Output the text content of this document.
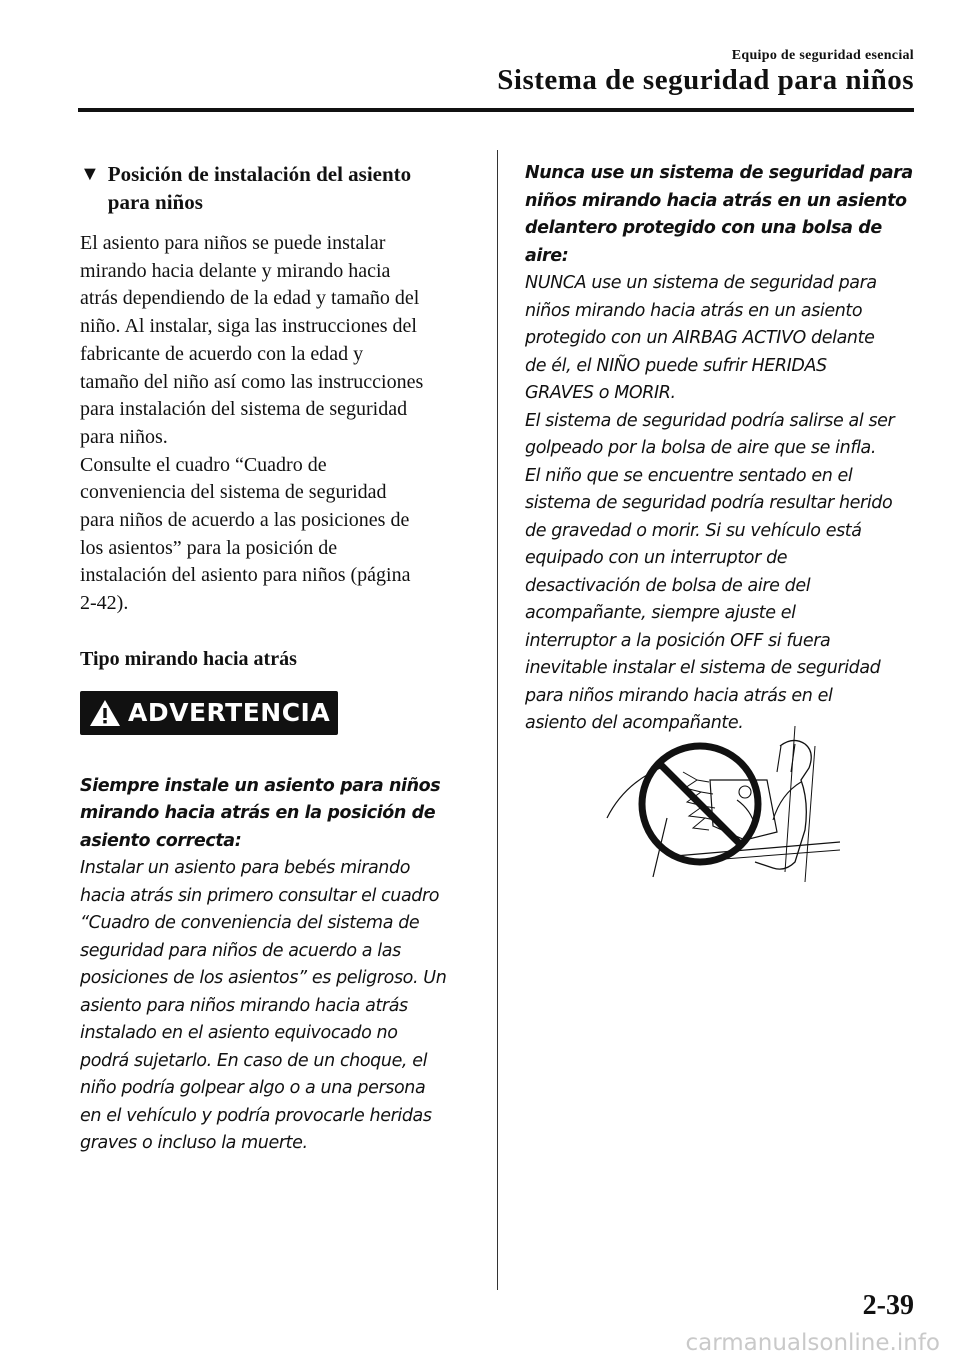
Equipo de seguridad esencial
Sistema de seguridad para niños
▼ Posición de instalación del asiento
para niños
El asiento para niños se puede instalar
mirando hacia delante y mirando hacia
atrás dependiendo de la edad y tamaño del
niño. Al instalar, siga las instrucciones del
fabricante de acuerdo con la edad y
tamaño del niño así como las instrucciones
para instalación del sistema de seguridad
para niños.
Consulte el cuadro “Cuadro de
conveniencia del sistema de seguridad
para niños de acuerdo a las posiciones de
los asientos” para la posición de
instalación del asiento para niños (página
2-42).
Tipo mirando hacia atrás
ADVERTENCIA
Siempre instale un asiento para niños
mirando hacia atrás en la posición de
asiento correcta:
Instalar un asiento para bebés mirando
hacia atrás sin primero consultar el cuadro
“Cuadro de conveniencia del sistema de
seguridad para niños de acuerdo a las
posiciones de los asientos” es peligroso. Un
asiento para niños mirando hacia atrás
instalado en el asiento equivocado no
podrá sujetarlo. En caso de un choque, el
niño podría golpear algo o a una persona
en el vehículo y podría provocarle heridas
graves o incluso la muerte.
Nunca use un sistema de seguridad para
niños mirando hacia atrás en un asiento
delantero protegido con una bolsa de aire:
NUNCA use un sistema de seguridad para
niños mirando hacia atrás en un asiento
protegido con un AIRBAG ACTIVO delante
de él, el NIÑO puede sufrir HERIDAS
GRAVES o MORIR.
El sistema de seguridad podría salirse al ser
golpeado por la bolsa de aire que se infla.
El niño que se encuentre sentado en el
sistema de seguridad podría resultar herido
de gravedad o morir. Si su vehículo está
equipado con un interruptor de
desactivación de bolsa de aire del
acompañante, siempre ajuste el
interruptor a la posición OFF si fuera
inevitable instalar el sistema de seguridad
para niños mirando hacia atrás en el
asiento del acompañante.
2-39
carmanualsonline.info
